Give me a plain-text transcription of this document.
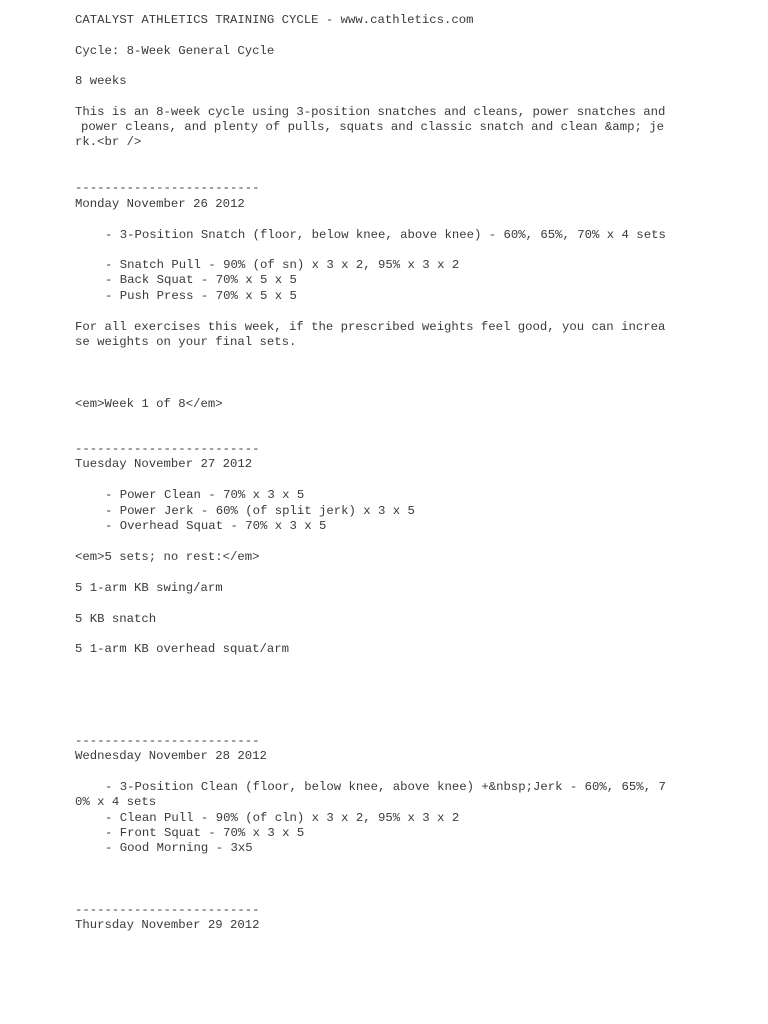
CATALYST ATHLETICS TRAINING CYCLE - www.cathletics.com

Cycle: 8-Week General Cycle

8 weeks

This is an 8-week cycle using 3-position snatches and cleans, power snatches and

power cleans, and plenty of pulls, squats and classic snatch and clean &amp; je

rk.<br />

-------------------------

Monday November 26 2012

- 3-Position Snatch (floor, below knee, above knee) - 60%, 65%, 70% x 4 sets

- Snatch Pull - 90% (of sn) x 3 x 2, 95% x 3 x 2

- Back Squat - 70% x 5 x 5

- Push Press - 70% x 5 x 5

For all exercises this week, if the prescribed weights feel good, you can increa

se weights on your final sets.

<em>Week 1 of 8</em>

-------------------------

Tuesday November 27 2012

- Power Clean - 70% x 3 x 5

- Power Jerk - 60% (of split jerk) x 3 x 5

- Overhead Squat - 70% x 3 x 5

<em>5 sets; no rest:</em>

5 1-arm KB swing/arm

5 KB snatch

5 1-arm KB overhead squat/arm

-------------------------

Wednesday November 28 2012

- 3-Position Clean (floor, below knee, above knee) +&nbsp;Jerk - 60%, 65%, 7

0% x 4 sets

- Clean Pull - 90% (of cln) x 3 x 2, 95% x 3 x 2

- Front Squat - 70% x 3 x 5

- Good Morning - 3x5

-------------------------

Thursday November 29 2012
